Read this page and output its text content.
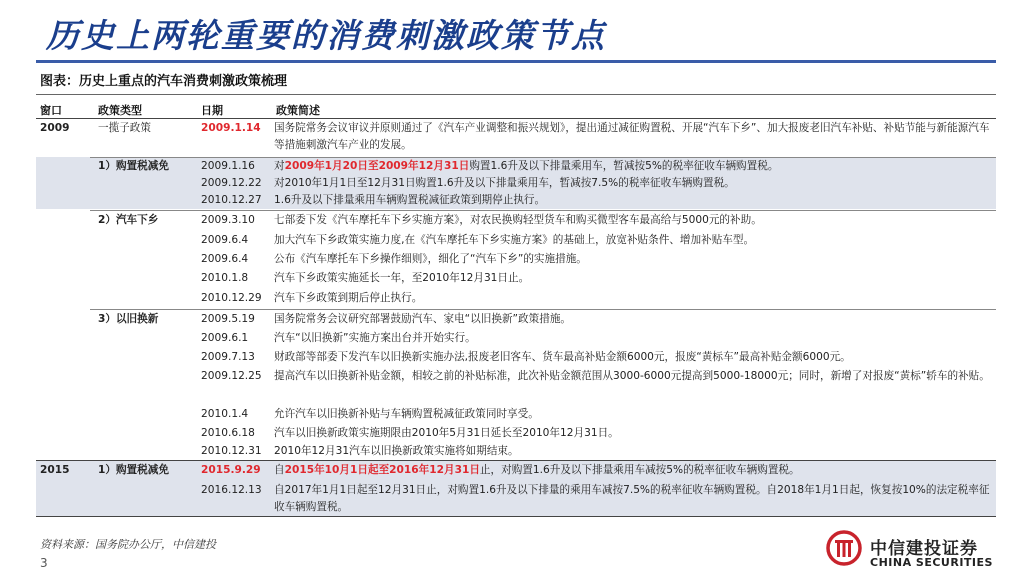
历史上两轮重要的消费刺激政策节点
图表：历史上重点的汽车消费刺激政策梳理
窗口	政策类型	日期	政策简述
2009	一揽子政策	2009.1.14 国务院常务会议审议并原则通过了《汽车产业调整和振兴规划》，提出通过减征购置税、开展“汽车下乡”、加大报废老旧汽车补贴、补贴节能与新能源汽车等措施刺激汽车产业的发展。
1）购置税减免	2009.1.16 对2009年1月20日至2009年12月31日购置1.6升及以下排量乘用车，暂减按5%的税率征收车辆购置税。
2009.12.22 对2010年1月1日至12月31日购置1.6升及以下排量乘用车，暂减按7.5%的税率征收车辆购置税。
2010.12.27 1.6升及以下排量乘用车辆购置税减征政策到期停止执行。
2）汽车下乡	2009.3.10 七部委下发《汽车摩托车下乡实施方案》，对农民换购轻型货车和购买微型客车最高给与5000元的补助。
2009.6.4 加大汽车下乡政策实施力度,在《汽车摩托车下乡实施方案》的基础上，放宽补贴条件、增加补贴车型。
2009.6.4 公布《汽车摩托车下乡操作细则》，细化了“汽车下乡”的实施措施。
2010.1.8 汽车下乡政策实施延长一年，至2010年12月31日止。
2010.12.29 汽车下乡政策到期后停止执行。
3）以旧换新	2009.5.19 国务院常务会议研究部署鼓励汽车、家电“以旧换新”政策措施。
2009.6.1 汽车“以旧换新”实施方案出台并开始实行。
2009.7.13 财政部等部委下发汽车以旧换新实施办法,报废老旧客车、货车最高补贴金额6000元，报废“黄标车”最高补贴金额6000元。
2009.12.25 提高汽车以旧换新补贴金额，相较之前的补贴标准，此次补贴金额范围从3000-6000元提高到5000-18000元；同时，新增了对报废“黄标”轿车的补贴。
2010.1.4 允许汽车以旧换新补贴与车辆购置税减征政策同时享受。
2010.6.18 汽车以旧换新政策实施期限由2010年5月31日延长至2010年12月31日。
2010.12.31 2010年12月31汽车以旧换新政策实施将如期结束。
2015	1）购置税减免	2015.9.29 自2015年10月1日起至2016年12月31日止，对购置1.6升及以下排量乘用车减按5%的税率征收车辆购置税。
2016.12.13 自2017年1月1日起至12月31日止，对购置1.6升及以下排量的乘用车减按7.5%的税率征收车辆购置税。自2018年1月1日起，恢复按10%的法定税率征收车辆购置税。
资料来源：国务院办公厅，中信建投
3
中信建投证券
CHINA SECURITIES
